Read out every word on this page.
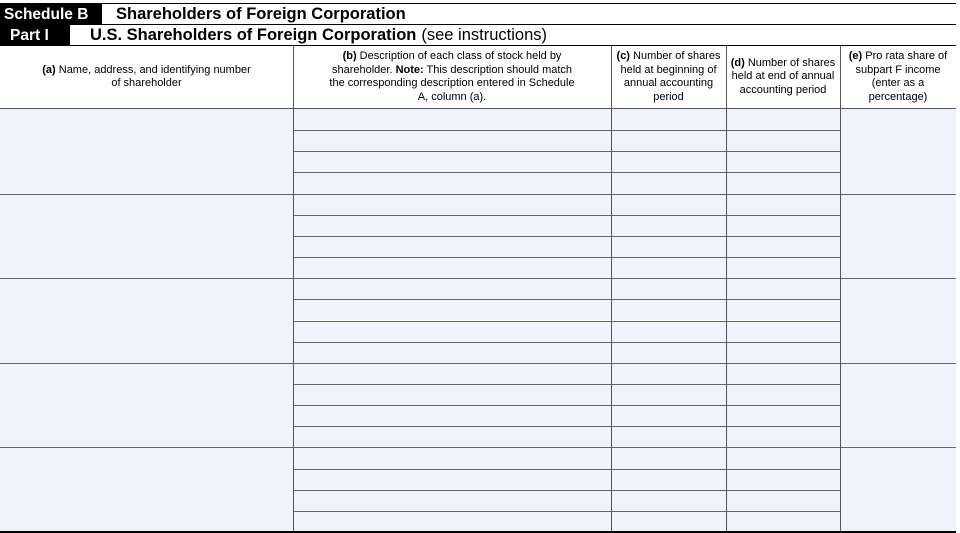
Schedule B	Shareholders of Foreign Corporation
Part I	U.S. Shareholders of Foreign Corporation (see instructions)
(a) Name, address, and identifying number of shareholder
(b) Description of each class of stock held by shareholder. Note: This description should match the corresponding description entered in Schedule A, column (a).
(c) Number of shares held at beginning of annual accounting period
(d) Number of shares held at end of annual accounting period
(e) Pro rata share of subpart F income (enter as a percentage)
